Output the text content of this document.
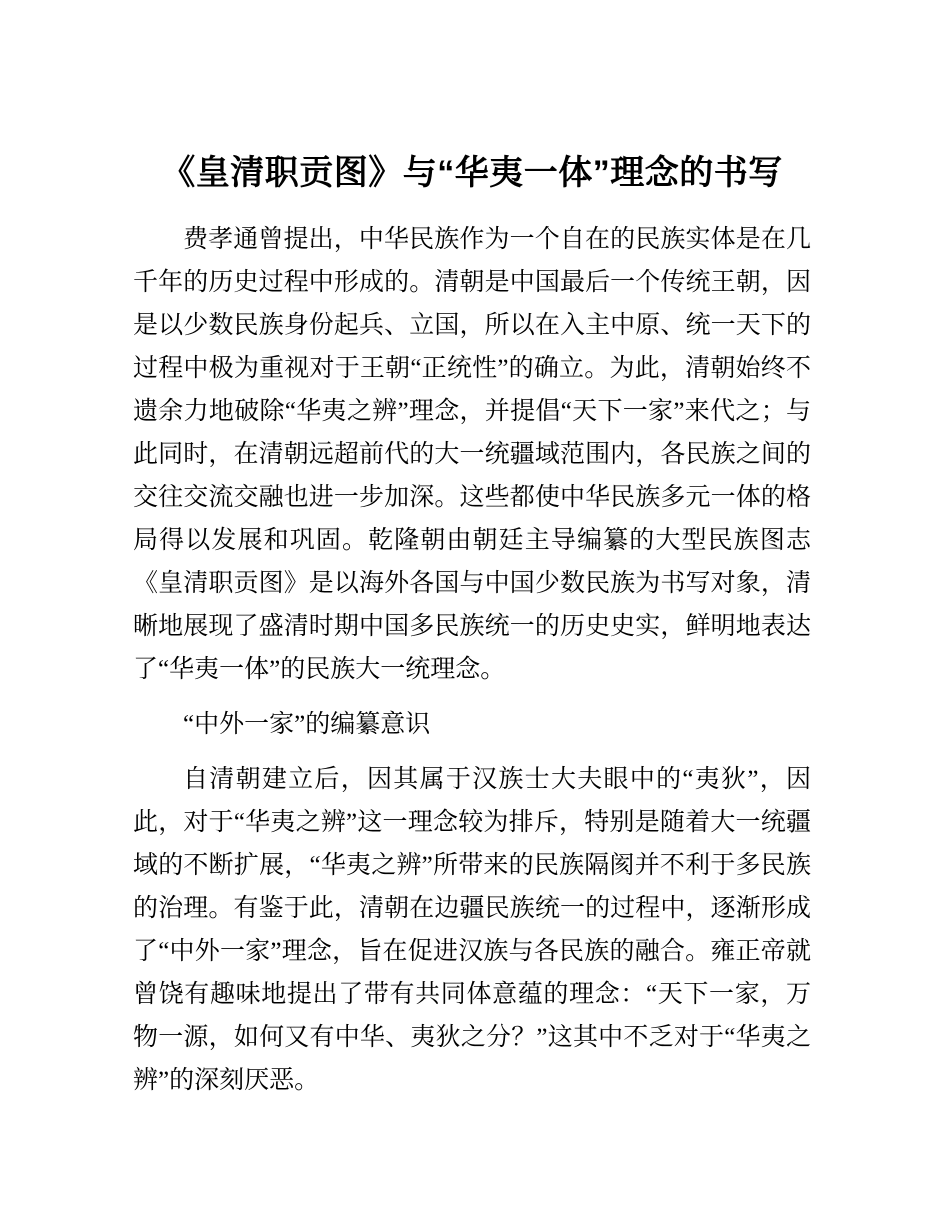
《皇清职贡图》与“华夷一体”理念的书写

费孝通曾提出，中华民族作为一个自在的民族实体是在几千年的历史过程中形成的。清朝是中国最后一个传统王朝，因是以少数民族身份起兵、立国，所以在入主中原、统一天下的过程中极为重视对于王朝“正统性”的确立。为此，清朝始终不遗余力地破除“华夷之辨”理念，并提倡“天下一家”来代之；与此同时，在清朝远超前代的大一统疆域范围内，各民族之间的交往交流交融也进一步加深。这些都使中华民族多元一体的格局得以发展和巩固。乾隆朝由朝廷主导编纂的大型民族图志《皇清职贡图》是以海外各国与中国少数民族为书写对象，清晰地展现了盛清时期中国多民族统一的历史史实，鲜明地表达了“华夷一体”的民族大一统理念。

“中外一家”的编纂意识

自清朝建立后，因其属于汉族士大夫眼中的“夷狄”，因此，对于“华夷之辨”这一理念较为排斥，特别是随着大一统疆域的不断扩展，“华夷之辨”所带来的民族隔阂并不利于多民族的治理。有鉴于此，清朝在边疆民族统一的过程中，逐渐形成了“中外一家”理念，旨在促进汉族与各民族的融合。雍正帝就曾饶有趣味地提出了带有共同体意蕴的理念：“天下一家，万物一源，如何又有中华、夷狄之分？”这其中不乏对于“华夷之辨”的深刻厌恶。
